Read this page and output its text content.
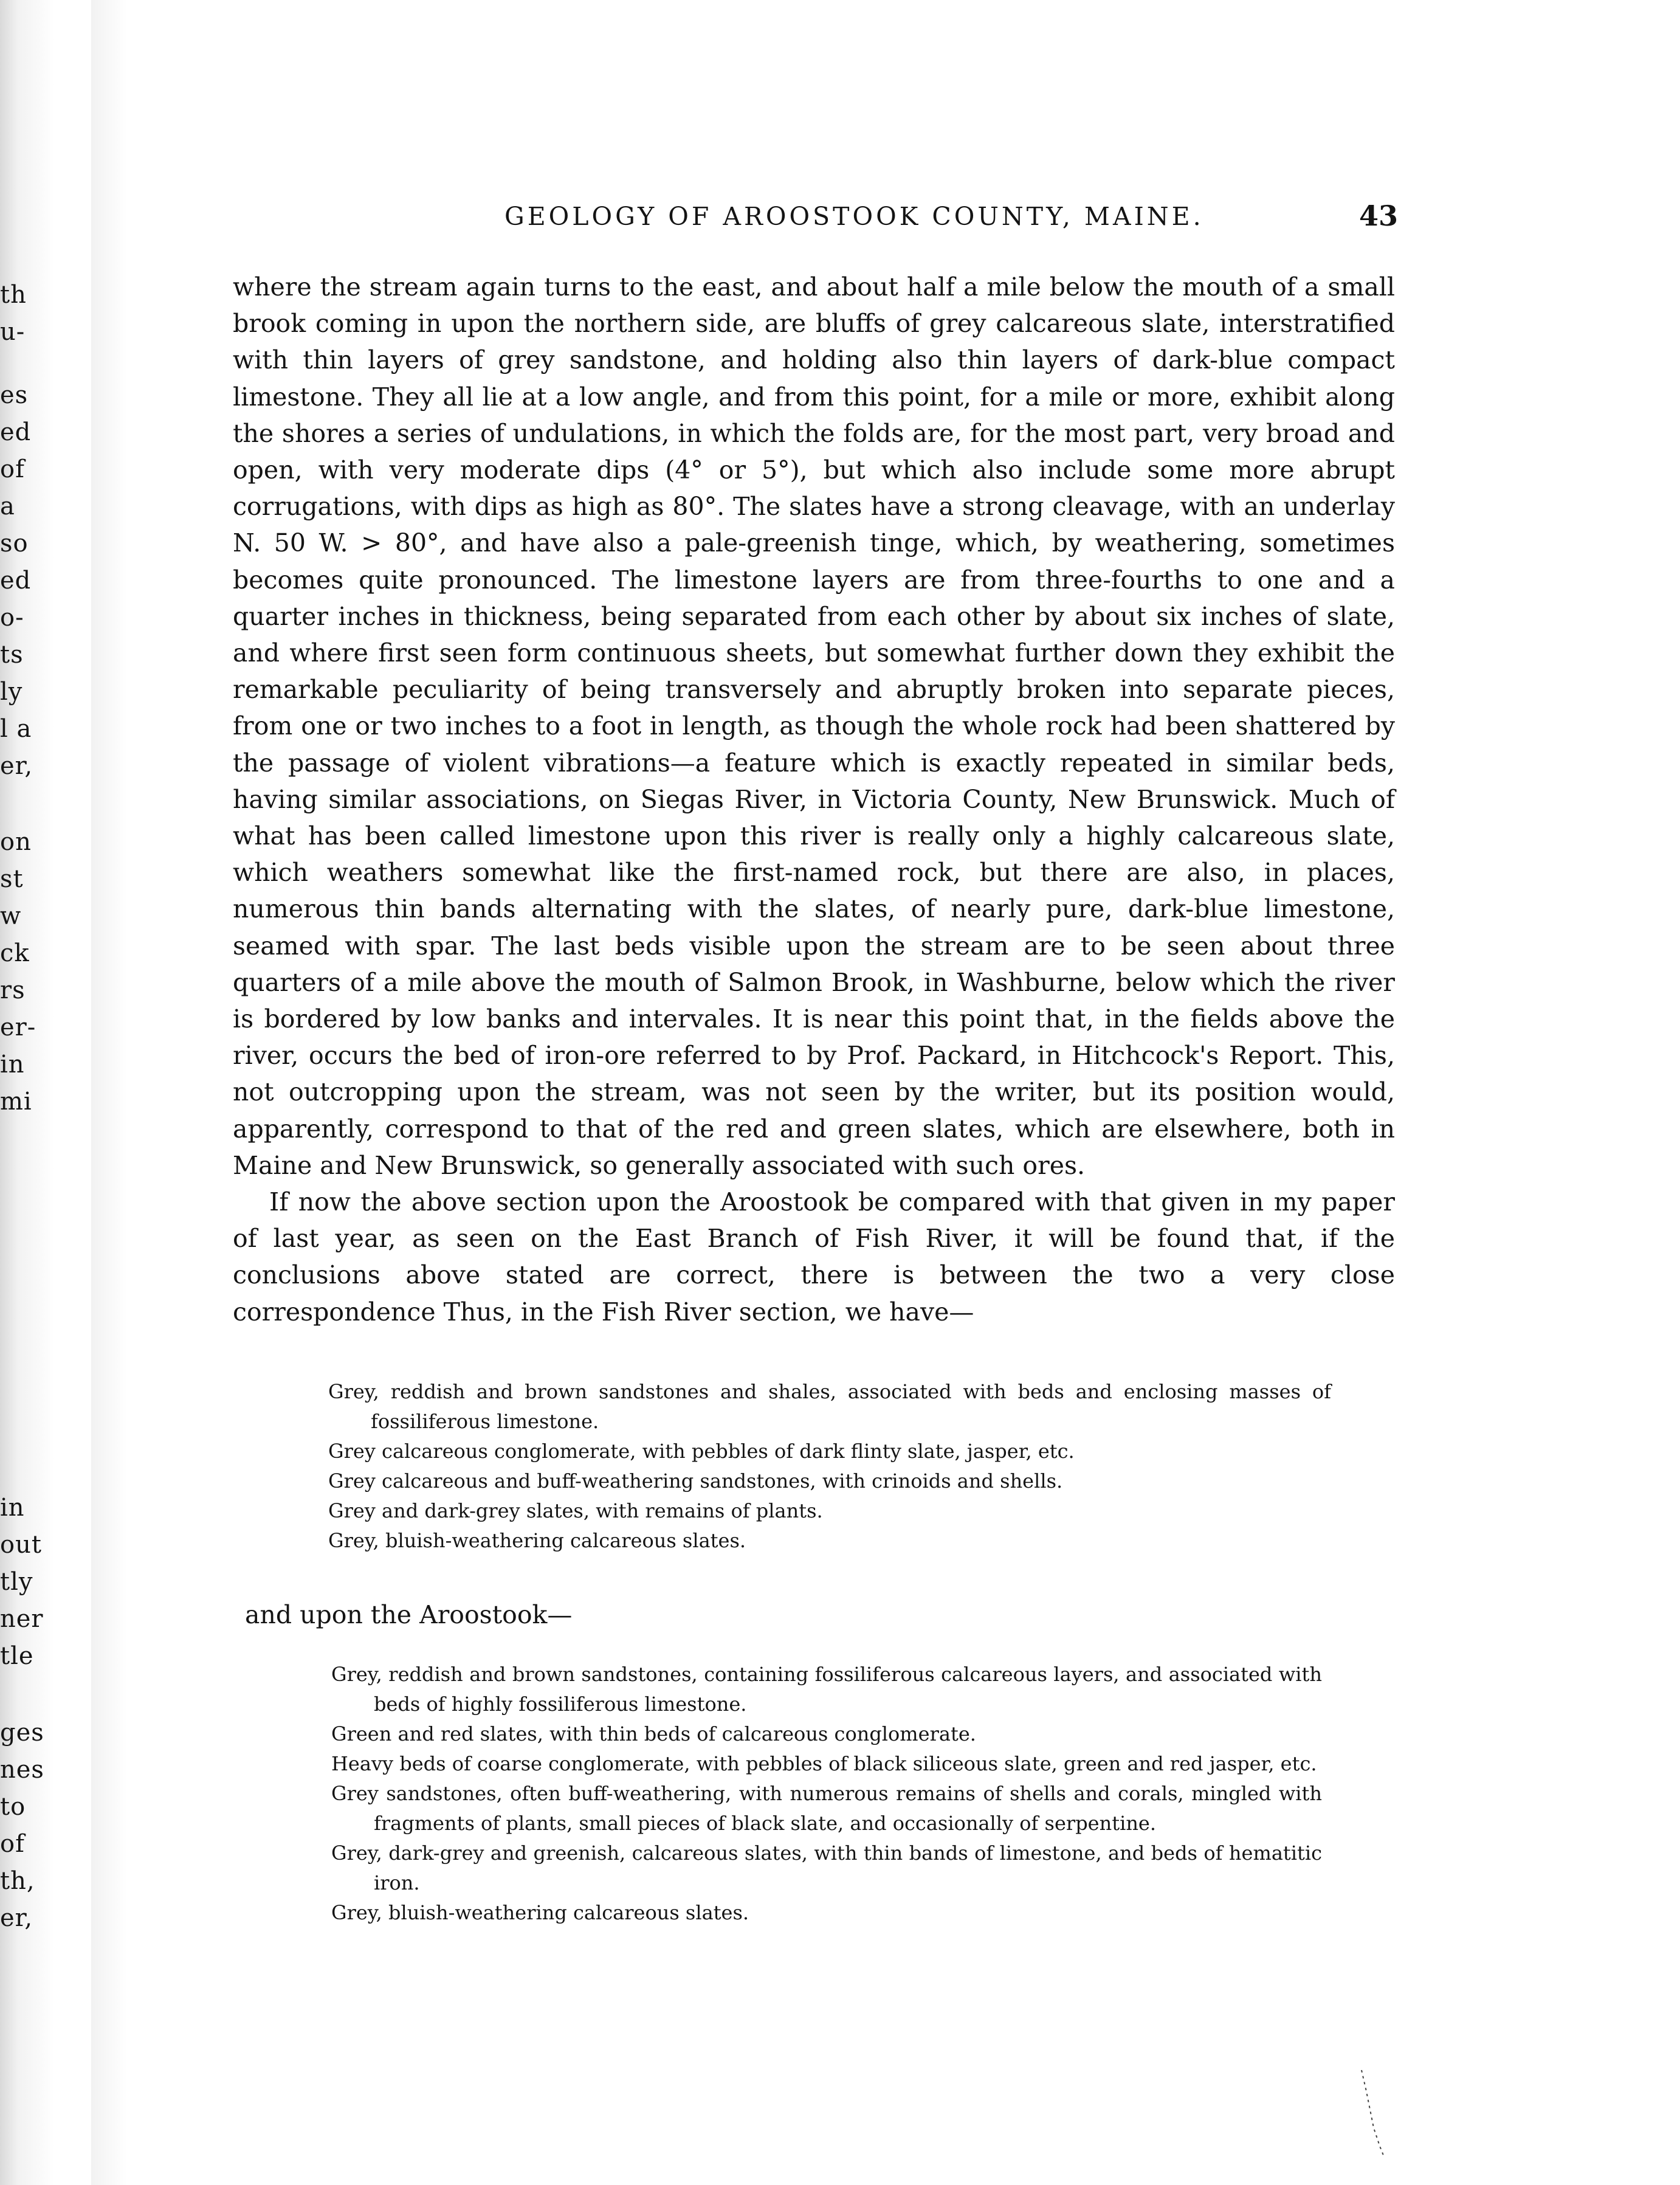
th
u-
es
ed
of
a
so
ed
o-
ts
ly
l a
er,
on
st
w
ck
rs
er-
in
mi
in
out
tly
ner
tle
ges
nes
to
of
th,
er,
GEOLOGY OF AROOSTOOK COUNTY, MAINE.	43

where the stream again turns to the east, and about half a mile below the mouth of a small brook coming in upon the northern side, are bluffs of grey calcareous slate, interstratified with thin layers of grey sandstone, and holding also thin layers of dark-blue compact limestone. They all lie at a low angle, and from this point, for a mile or more, exhibit along the shores a series of undulations, in which the folds are, for the most part, very broad and open, with very moderate dips (4° or 5°), but which also include some more abrupt corrugations, with dips as high as 80°. The slates have a strong cleavage, with an underlay N. 50 W. > 80°, and have also a pale-greenish tinge, which, by weathering, sometimes becomes quite pronounced. The limestone layers are from three-fourths to one and a quarter inches in thickness, being separated from each other by about six inches of slate, and where first seen form continuous sheets, but somewhat further down they exhibit the remarkable peculiarity of being transversely and abruptly broken into separate pieces, from one or two inches to a foot in length, as though the whole rock had been shattered by the passage of violent vibrations—a feature which is exactly repeated in similar beds, having similar associations, on Siegas River, in Victoria County, New Brunswick. Much of what has been called limestone upon this river is really only a highly calcareous slate, which weathers somewhat like the first-named rock, but there are also, in places, numerous thin bands alternating with the slates, of nearly pure, dark-blue limestone, seamed with spar. The last beds visible upon the stream are to be seen about three quarters of a mile above the mouth of Salmon Brook, in Washburne, below which the river is bordered by low banks and intervales. It is near this point that, in the fields above the river, occurs the bed of iron-ore referred to by Prof. Packard, in Hitchcock's Report. This, not outcropping upon the stream, was not seen by the writer, but its position would, apparently, correspond to that of the red and green slates, which are elsewhere, both in Maine and New Brunswick, so generally associated with such ores.

If now the above section upon the Aroostook be compared with that given in my paper of last year, as seen on the East Branch of Fish River, it will be found that, if the conclusions above stated are correct, there is between the two a very close correspondence Thus, in the Fish River section, we have—

Grey, reddish and brown sandstones and shales, associated with beds and enclosing masses of fossiliferous limestone.
Grey calcareous conglomerate, with pebbles of dark flinty slate, jasper, etc.
Grey calcareous and buff-weathering sandstones, with crinoids and shells.
Grey and dark-grey slates, with remains of plants.
Grey, bluish-weathering calcareous slates.
and upon the Aroostook—
Grey, reddish and brown sandstones, containing fossiliferous calcareous layers, and associated with beds of highly fossiliferous limestone.
Green and red slates, with thin beds of calcareous conglomerate.
Heavy beds of coarse conglomerate, with pebbles of black siliceous slate, green and red jasper, etc.
Grey sandstones, often buff-weathering, with numerous remains of shells and corals, mingled with fragments of plants, small pieces of black slate, and occasionally of serpentine.
Grey, dark-grey and greenish, calcareous slates, with thin bands of limestone, and beds of hematitic iron.
Grey, bluish-weathering calcareous slates.
